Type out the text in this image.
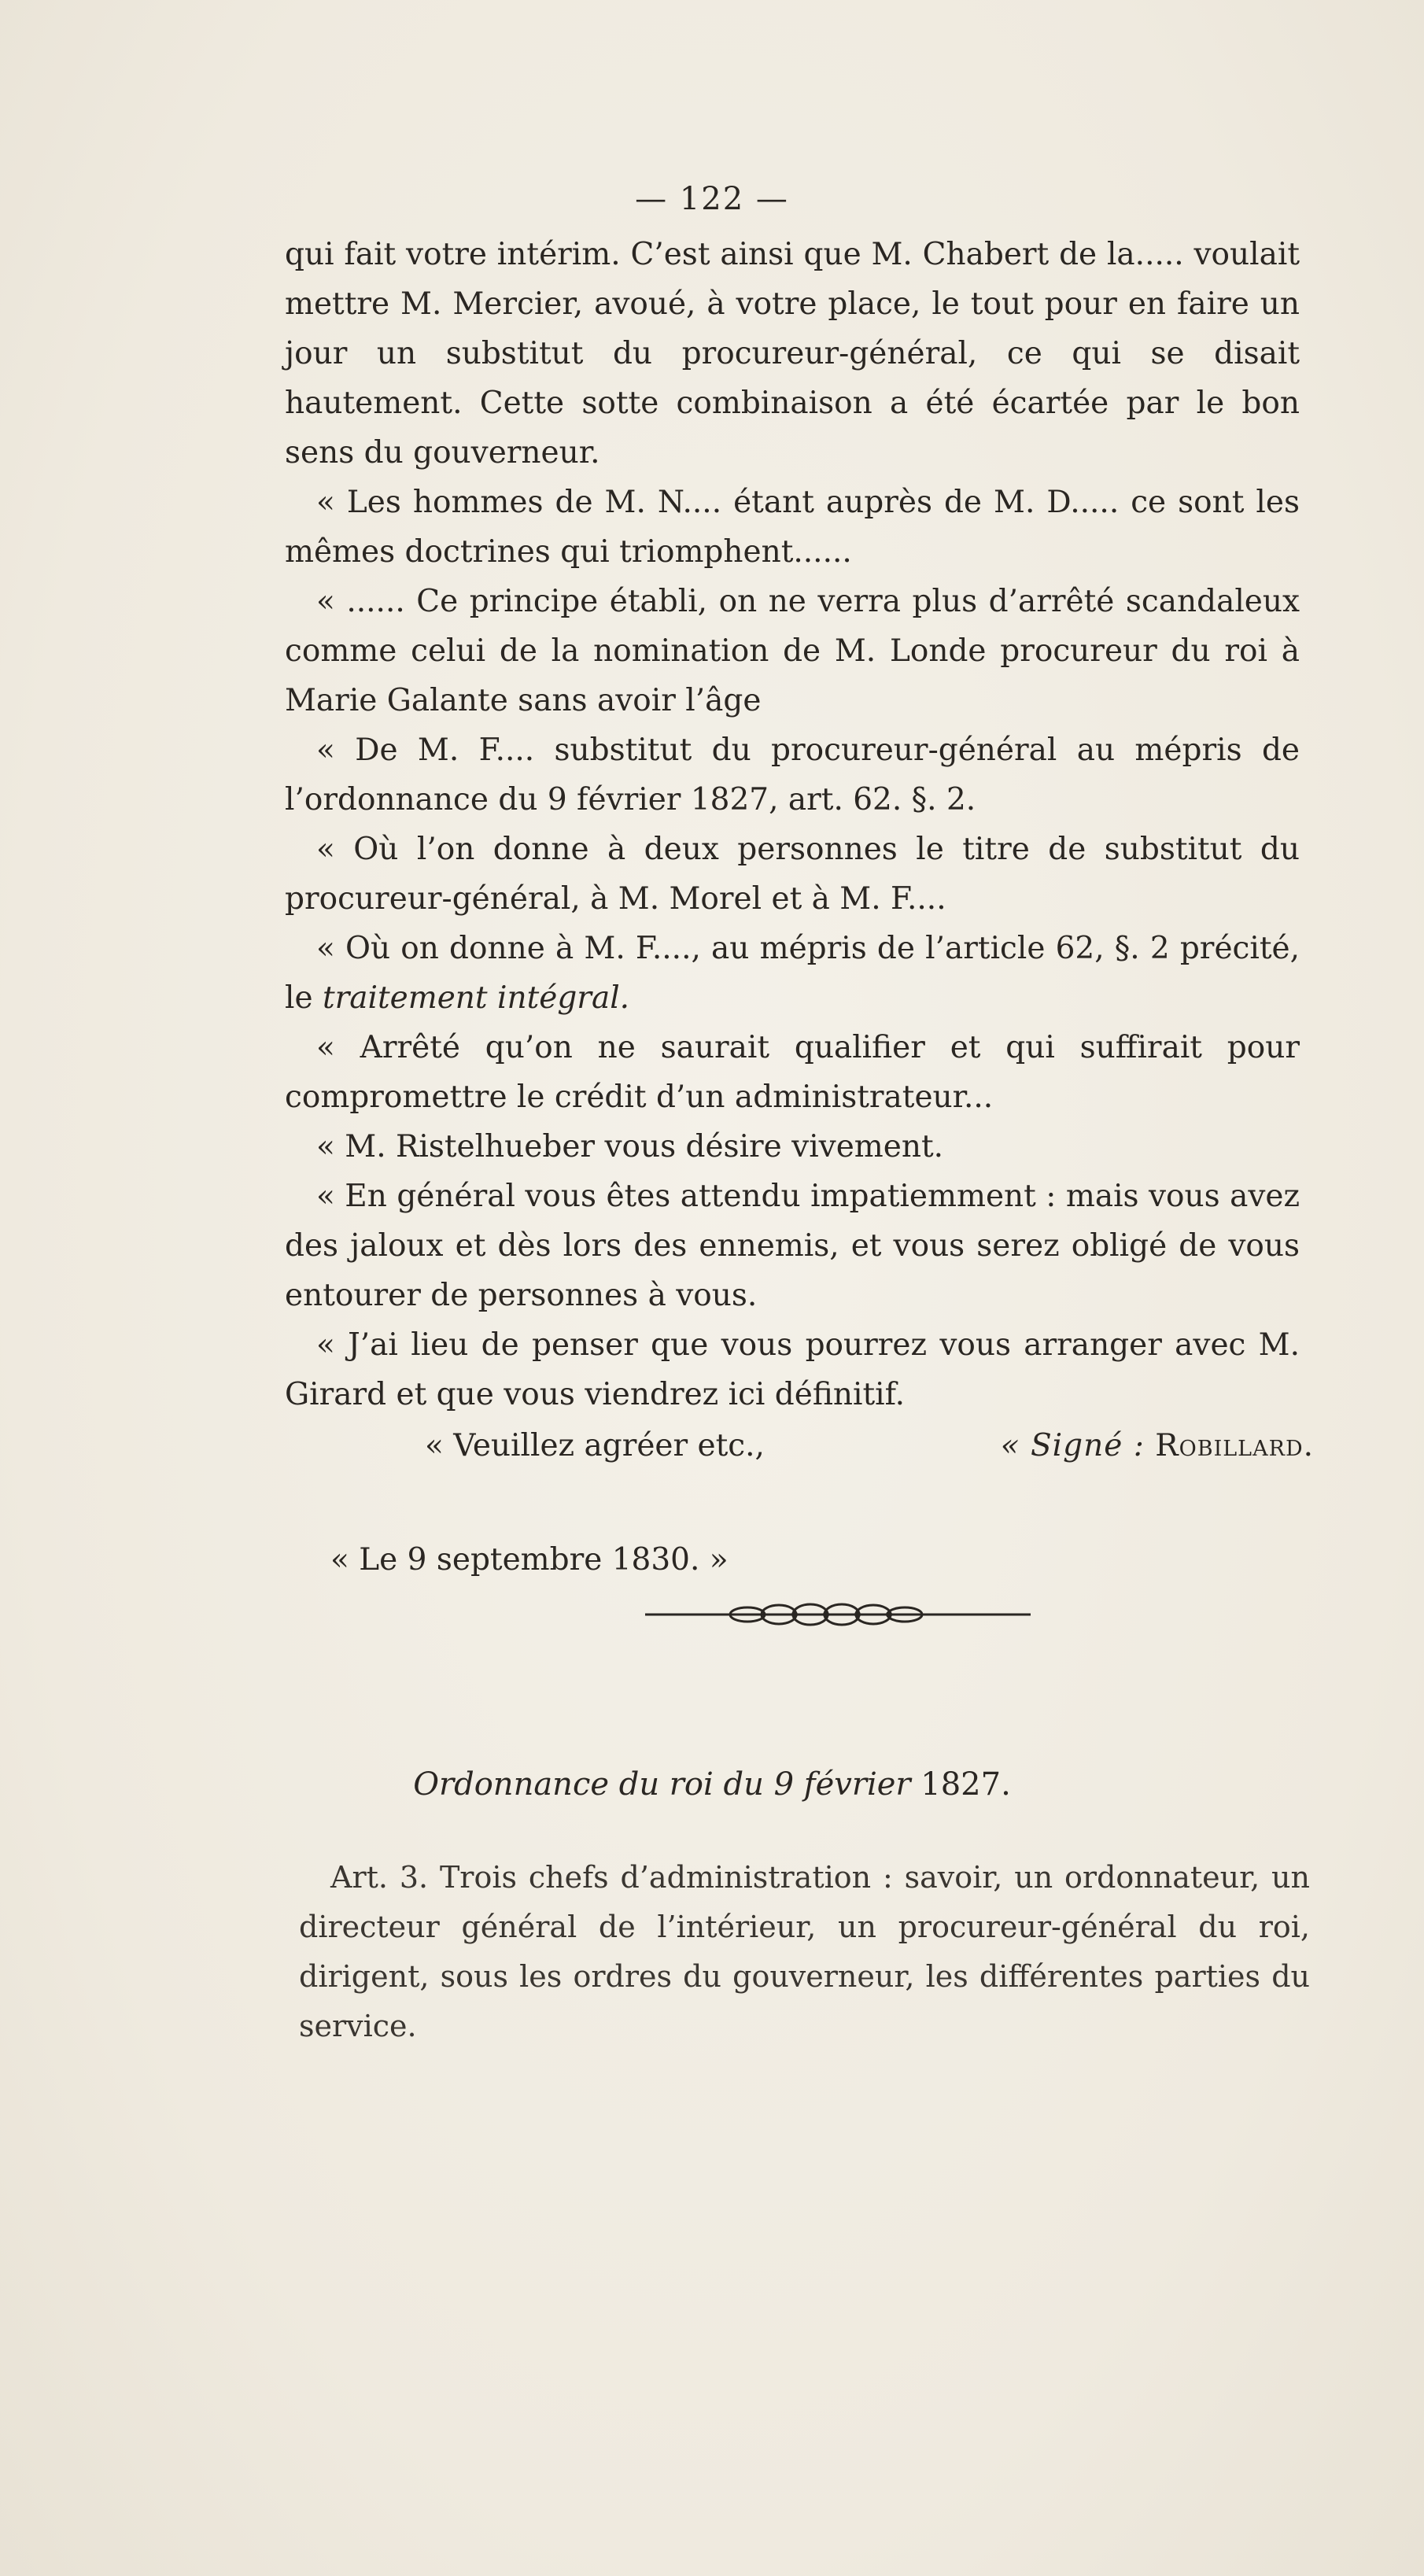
— 122 —

qui fait votre intérim. C’est ainsi que M. Chabert de la..... voulait mettre M. Mercier, avoué, à votre place, le tout pour en faire un jour un substitut du procureur-général, ce qui se disait hautement. Cette sotte combinaison a été écartée par le bon sens du gouverneur.

« Les hommes de M. N.... étant auprès de M. D..... ce sont les mêmes doctrines qui triomphent......

« ...... Ce principe établi, on ne verra plus d’arrêté scandaleux comme celui de la nomination de M. Londe procureur du roi à Marie Galante sans avoir l’âge

« De M. F.... substitut du procureur-général au mépris de l’ordonnance du 9 février 1827, art. 62. §. 2.

« Où l’on donne à deux personnes le titre de substitut du procureur-général, à M. Morel et à M. F....

« Où on donne à M. F...., au mépris de l’article 62, §. 2 précité, le traitement intégral.

« Arrêté qu’on ne saurait qualifier et qui suffirait pour compromettre le crédit d’un administrateur...

« M. Ristelhueber vous désire vivement.

« En général vous êtes attendu impatiemment : mais vous avez des jaloux et dès lors des ennemis, et vous serez obligé de vous entourer de personnes à vous.

« J’ai lieu de penser que vous pourrez vous arranger avec M. Girard et que vous viendrez ici définitif.

« Veuillez agréer etc.,	« Signé : Robillard.
« Le 9 septembre 1830. »
Ordonnance du roi du 9 février 1827.

Art. 3. Trois chefs d’administration : savoir, un ordonnateur, un directeur général de l’intérieur, un procureur-général du roi, dirigent, sous les ordres du gouverneur, les différentes parties du service.
